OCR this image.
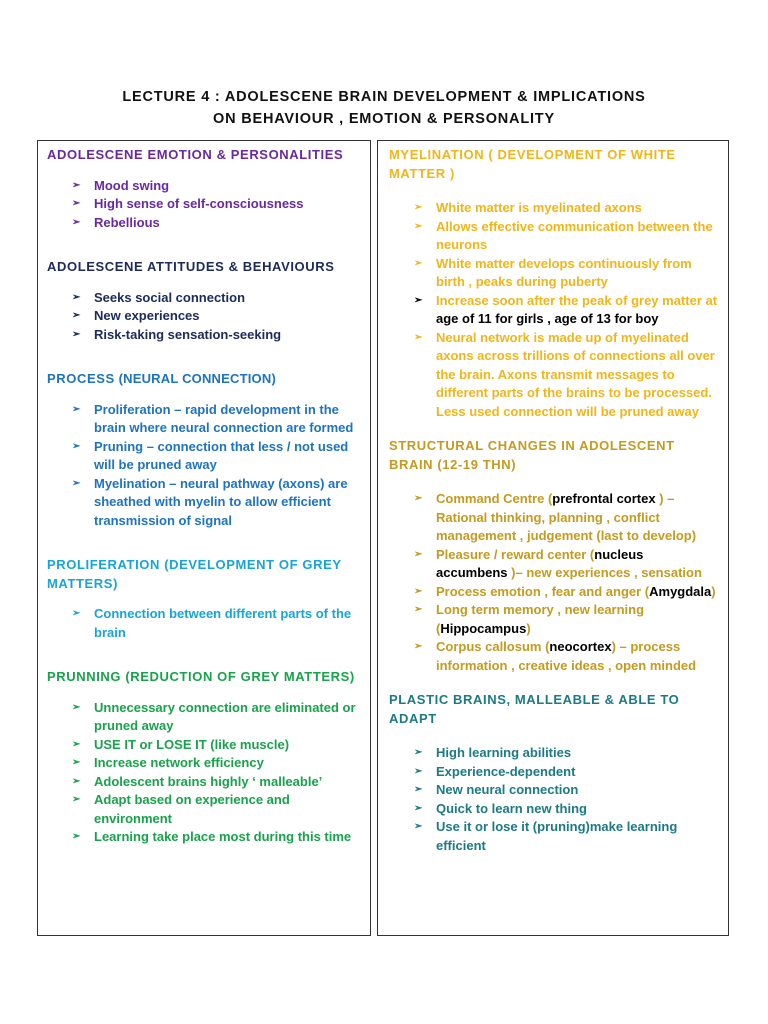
LECTURE 4 : ADOLESCENE BRAIN DEVELOPMENT & IMPLICATIONS
ON BEHAVIOUR , EMOTION & PERSONALITY
ADOLESCENE EMOTION & PERSONALITIES
➢ Mood swing
➢ High sense of self-consciousness
➢ Rebellious
ADOLESCENE ATTITUDES & BEHAVIOURS
➢ Seeks social connection
➢ New experiences
➢ Risk-taking sensation-seeking
PROCESS (NEURAL CONNECTION)
➢ Proliferation – rapid development in the brain where neural connection are formed
➢ Pruning – connection that less / not used will be pruned away
➢ Myelination – neural pathway (axons) are sheathed with myelin to allow efficient transmission of signal
PROLIFERATION (DEVELOPMENT OF GREY MATTERS)
➢ Connection between different parts of the brain
PRUNNING (REDUCTION OF GREY MATTERS)
➢ Unnecessary connection are eliminated or pruned away
➢ USE IT or LOSE IT (like muscle)
➢ Increase network efficiency
➢ Adolescent brains highly ‘ malleable’
➢ Adapt based on experience and environment
➢ Learning take place most during this time
MYELINATION ( DEVELOPMENT OF WHITE MATTER )
➢ White matter is myelinated axons
➢ Allows effective communication between the neurons
➢ White matter develops continuously from birth , peaks during puberty
➢ Increase soon after the peak of grey matter at age of 11 for girls , age of 13 for boy
➢ Neural network is made up of myelinated axons across trillions of connections all over the brain. Axons transmit messages to different parts of the brains to be processed. Less used connection will be pruned away
STRUCTURAL CHANGES IN ADOLESCENT BRAIN (12-19 THN)
➢ Command Centre (prefrontal cortex ) – Rational thinking, planning , conflict management , judgement (last to develop)
➢ Pleasure / reward center (nucleus accumbens )– new experiences , sensation
➢ Process emotion , fear and anger (Amygdala)
➢ Long term memory , new learning (Hippocampus)
➢ Corpus callosum (neocortex) – process information , creative ideas , open minded
PLASTIC BRAINS, MALLEABLE & ABLE TO ADAPT
➢ High learning abilities
➢ Experience-dependent
➢ New neural connection
➢ Quick to learn new thing
➢ Use it or lose it (pruning)make learning efficient
